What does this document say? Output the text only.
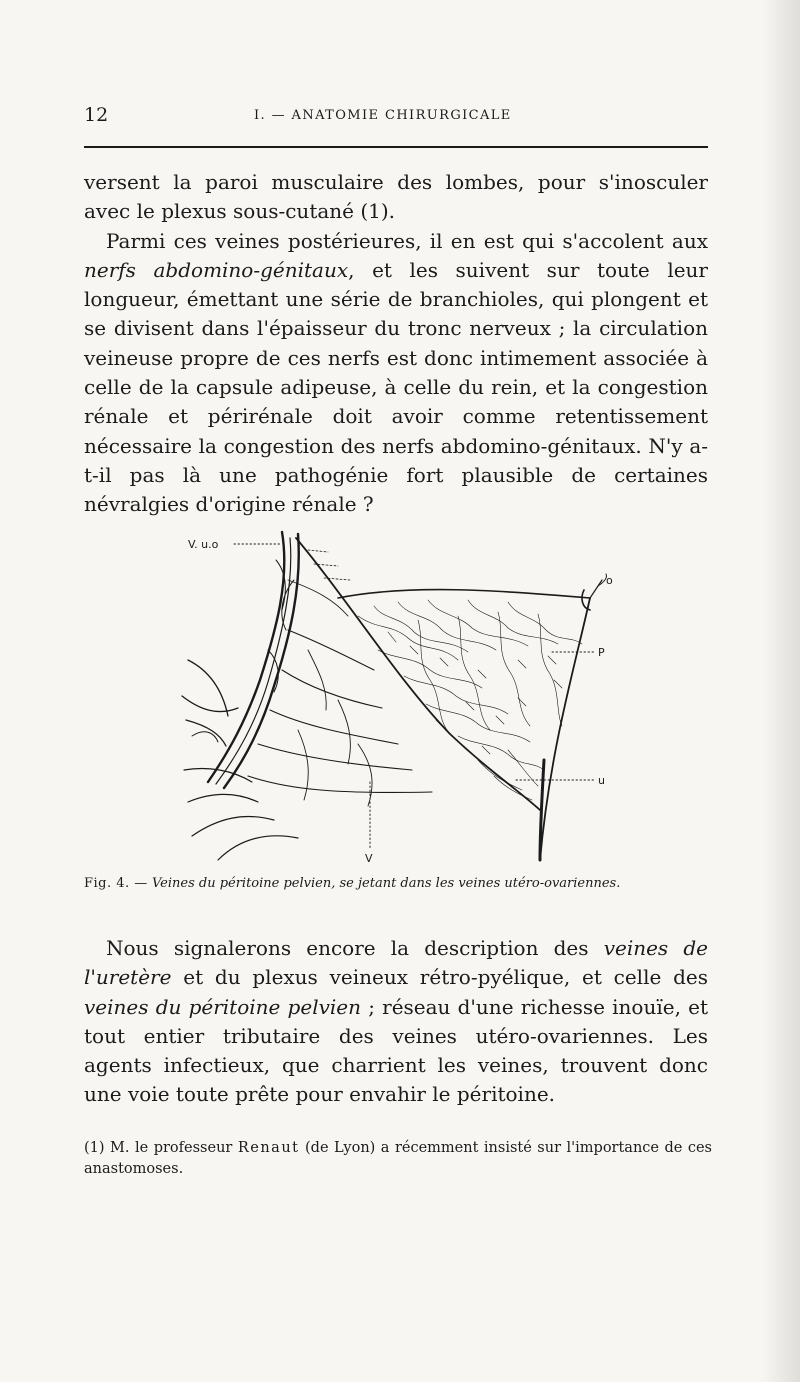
12	I. — ANATOMIE CHIRURGICALE

versent la paroi musculaire des lombes, pour s'inosculer avec le plexus sous-cutané (1).

Parmi ces veines postérieures, il en est qui s'accolent aux nerfs abdomino-génitaux, et les suivent sur toute leur longueur, émettant une série de branchioles, qui plongent et se divisent dans l'épaisseur du tronc nerveux ; la circulation veineuse propre de ces nerfs est donc intimement associée à celle de la capsule adipeuse, à celle du rein, et la congestion rénale et périrénale doit avoir comme retentissement nécessaire la congestion des nerfs abdomino-génitaux. N'y a-t-il pas là une pathogénie fort plausible de certaines névralgies d'origine rénale ?

V. u.o
o
P
u
V
Fig. 4. — Veines du péritoine pelvien, se jetant dans les veines utéro-ovariennes.

Nous signalerons encore la description des veines de l'uretère et du plexus veineux rétro-pyélique, et celle des veines du péritoine pelvien ; réseau d'une richesse inouïe, et tout entier tributaire des veines utéro-ovariennes. Les agents infectieux, que charrient les veines, trouvent donc une voie toute prête pour envahir le péritoine.

(1) M. le professeur Renaut (de Lyon) a récemment insisté sur l'importance de ces anastomoses.
